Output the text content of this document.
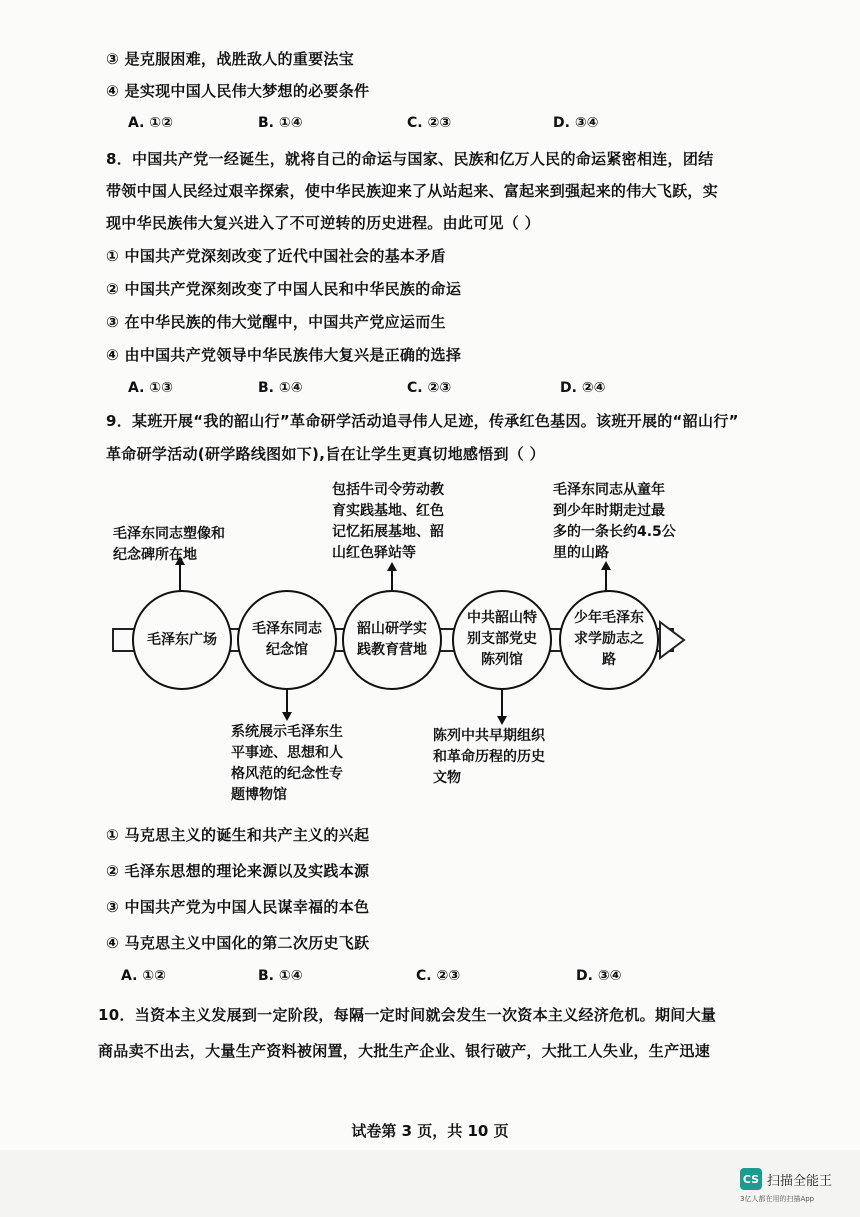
③ 是克服困难，战胜敌人的重要法宝
④ 是实现中国人民伟大梦想的必要条件
A. ①②	B. ①④	C. ②③	D. ③④
8．中国共产党一经诞生，就将自己的命运与国家、民族和亿万人民的命运紧密相连，团结
带领中国人民经过艰辛探索，使中华民族迎来了从站起来、富起来到强起来的伟大飞跃，实
现中华民族伟大复兴进入了不可逆转的历史进程。由此可见（ ）
① 中国共产党深刻改变了近代中国社会的基本矛盾
② 中国共产党深刻改变了中国人民和中华民族的命运
③ 在中华民族的伟大觉醒中，中国共产党应运而生
④ 由中国共产党领导中华民族伟大复兴是正确的选择
A. ①③	B. ①④	C. ②③	D. ②④
9．某班开展“我的韶山行”革命研学活动追寻伟人足迹，传承红色基因。该班开展的“韶山行”
革命研学活动(研学路线图如下),旨在让学生更真切地感悟到（ ）
毛泽东广场
毛泽东同志
纪念馆
韶山研学实
践教育营地
中共韶山特
别支部党史
陈列馆
少年毛泽东
求学励志之
路
毛泽东同志塑像和
纪念碑所在地
包括牛司令劳动教
育实践基地、红色
记忆拓展基地、韶
山红色驿站等
毛泽东同志从童年
到少年时期走过最
多的一条长约4.5公
里的山路
系统展示毛泽东生
平事迹、思想和人
格风范的纪念性专
题博物馆
陈列中共早期组织
和革命历程的历史
文物
① 马克思主义的诞生和共产主义的兴起
② 毛泽东思想的理论来源以及实践本源
③ 中国共产党为中国人民谋幸福的本色
④ 马克思主义中国化的第二次历史飞跃
A. ①②	B. ①④	C. ②③	D. ③④
10．当资本主义发展到一定阶段，每隔一定时间就会发生一次资本主义经济危机。期间大量
商品卖不出去，大量生产资料被闲置，大批生产企业、银行破产，大批工人失业，生产迅速
试卷第 3 页，共 10 页
CS 扫描全能王
3亿人都在用的扫描App
